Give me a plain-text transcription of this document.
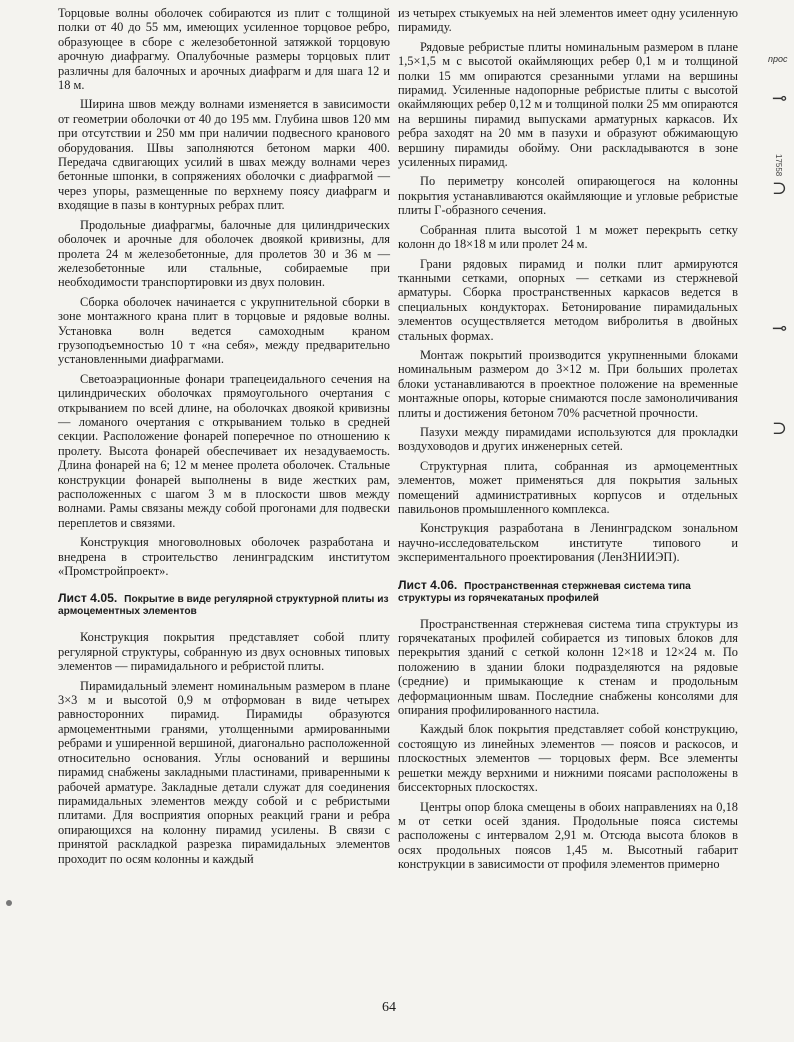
Торцовые волны оболочек собираются из плит с толщиной полки от 40 до 55 мм, имеющих усиленное торцовое ребро, образующее в сборе с железобетонной затяжкой торцовую арочную диафрагму. Опалубочные размеры торцовых плит различны для балочных и арочных диафрагм и для шага 12 и 18 м.

Ширина швов между волнами изменяется в зависимости от геометрии оболочки от 40 до 195 мм. Глубина швов 120 мм при отсутствии и 250 мм при наличии подвесного кранового оборудования. Швы заполняются бетоном марки 400. Передача сдвигающих усилий в швах между волнами через бетонные шпонки, в сопряжениях оболочки с диафрагмой — через упоры, размещенные по верхнему поясу диафрагм и входящие в пазы в контурных ребрах плит.

Продольные диафрагмы, балочные для цилиндрических оболочек и арочные для оболочек двоякой кривизны, для пролета 24 м железобетонные, для пролетов 30 и 36 м — железобетонные или стальные, собираемые при необходимости транспортировки из двух половин.

Сборка оболочек начинается с укрупнительной сборки в зоне монтажного крана плит в торцовые и рядовые волны. Установка волн ведется самоходным краном грузоподъемностью 10 т «на себя», между предварительно установленными диафрагмами.

Светоаэрационные фонари трапецеидального сечения на цилиндрических оболочках прямоугольного очертания с открыванием по всей длине, на оболочках двоякой кривизны — ломаного очертания с открыванием только в средней секции. Расположение фонарей поперечное по отношению к пролету. Высота фонарей обеспечивает их незадуваемость. Длина фонарей на 6; 12 м менее пролета оболочек. Стальные конструкции фонарей выполнены в виде жестких рам, расположенных с шагом 3 м в плоскости швов между волнами. Рамы связаны между собой прогонами для подвески переплетов и связями.

Конструкция многоволновых оболочек разработана и внедрена в строительство ленинградским институтом «Промстройпроект».

Лист 4.05. Покрытие в виде регулярной структурной плиты из армоцементных элементов

Конструкция покрытия представляет собой плиту регулярной структуры, собранную из двух основных типовых элементов — пирамидального и ребристой плиты.

Пирамидальный элемент номинальным размером в плане 3×3 м и высотой 0,9 м отформован в виде четырех равносторонних пирамид. Пирамиды образуются армоцементными гранями, утолщенными армированными ребрами и уширенной вершиной, диагонально расположенной относительно основания. Углы оснований и вершины пирамид снабжены закладными пластинами, приваренными к рабочей арматуре. Закладные детали служат для соединения пирамидальных элементов между собой и с ребристыми плитами. Для восприятия опорных реакций грани и ребра опирающихся на колонну пирамид усилены. В связи с принятой раскладкой разрезка пирамидальных элементов проходит по осям колонны и каждый

из четырех стыкуемых на ней элементов имеет одну усиленную пирамиду.

Рядовые ребристые плиты номинальным размером в плане 1,5×1,5 м с высотой окаймляющих ребер 0,1 м и толщиной полки 15 мм опираются срезанными углами на вершины пирамид. Усиленные надопорные ребристые плиты с высотой окаймляющих ребер 0,12 м и толщиной полки 25 мм опираются на вершины пирамид выпусками арматурных каркасов. Их ребра заходят на 20 мм в пазухи и образуют обжимающую вершину пирамиды обойму. Они раскладываются в зоне усиленных пирамид.

По периметру консолей опирающегося на колонны покрытия устанавливаются окаймляющие и угловые ребристые плиты Г-образного сечения.

Собранная плита высотой 1 м может перекрыть сетку колонн до 18×18 м или пролет 24 м.

Грани рядовых пирамид и полки плит армируются тканными сетками, опорных — сетками из стержневой арматуры. Сборка пространственных каркасов ведется в специальных кондукторах. Бетонирование пирамидальных элементов осуществляется методом вибролитья в двойных стальных формах.

Монтаж покрытий производится укрупненными блоками номинальным размером до 3×12 м. При больших пролетах блоки устанавливаются в проектное положение на временные монтажные опоры, которые снимаются после замоноличивания плиты и достижения бетоном 70% расчетной прочности.

Пазухи между пирамидами используются для прокладки воздуховодов и других инженерных сетей.

Структурная плита, собранная из армоцементных элементов, может применяться для покрытия зальных помещений административных корпусов и отдельных павильонов промышленного комплекса.

Конструкция разработана в Ленинградском зональном научно-исследовательском институте типового и экспериментального проектирования (ЛенЗНИИЭП).

Лист 4.06. Пространственная стержневая система типа структуры из горячекатаных профилей

Пространственная стержневая система типа структуры из горячекатаных профилей собирается из типовых блоков для перекрытия зданий с сеткой колонн 12×18 и 12×24 м. По положению в здании блоки подразделяются на рядовые (средние) и примыкающие к стенам и продольным деформационным швам. Последние снабжены консолями для опирания профилированного настила.

Каждый блок покрытия представляет собой конструкцию, состоящую из линейных элементов — поясов и раскосов, и плоскостных элементов — торцовых ферм. Все элементы решетки между верхними и нижними поясами расположены в биссекторных плоскостях.

Центры опор блока смещены в обоих направлениях на 0,18 м от сетки осей здания. Продольные пояса системы расположены с интервалом 2,91 м. Отсюда высота блоков в осях продольных поясов 1,45 м. Высотный габарит конструкции в зависимости от профиля элементов примерно

64
npoc
17558
⊸
⊃
⊸
⊃
